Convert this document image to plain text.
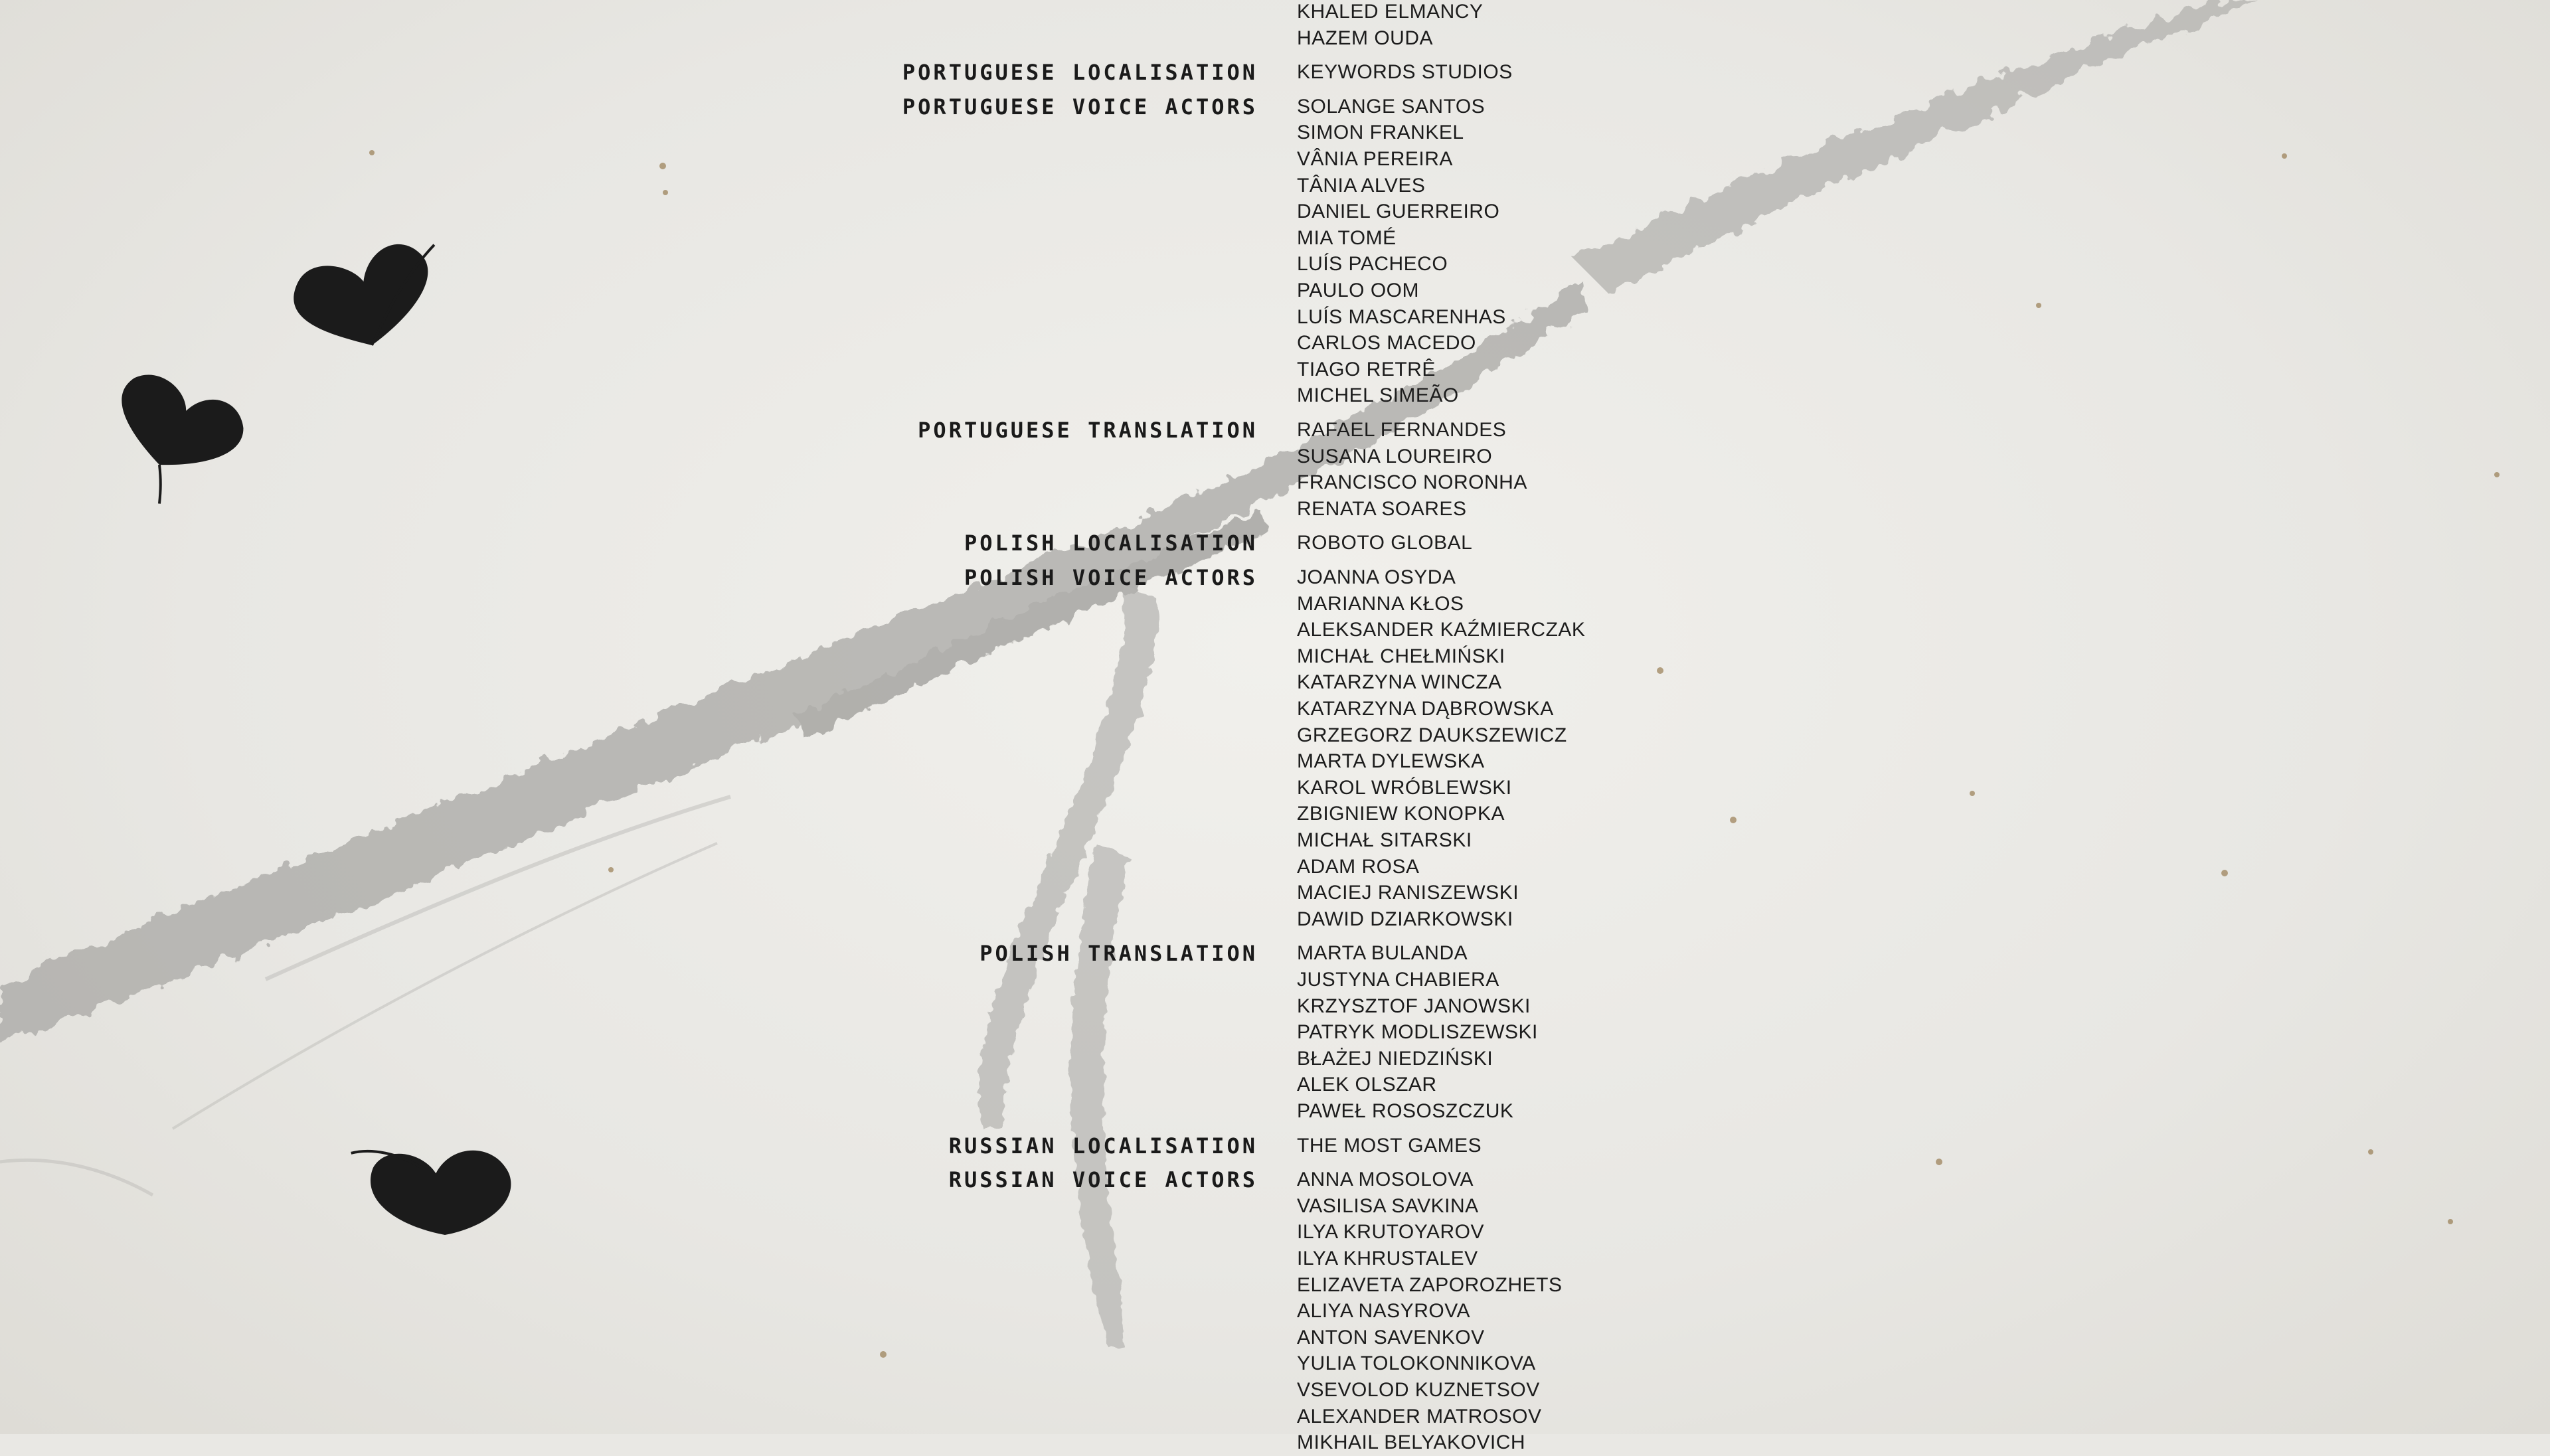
KHALED ELMANCY
HAZEM OUDA
PORTUGUESE LOCALISATION KEYWORDS STUDIOS
PORTUGUESE VOICE ACTORS SOLANGE SANTOS
SIMON FRANKEL
VÂNIA PEREIRA
TÂNIA ALVES
DANIEL GUERREIRO
MIA TOMÉ
LUÍS PACHECO
PAULO OOM
LUÍS MASCARENHAS
CARLOS MACEDO
TIAGO RETRÊ
MICHEL SIMEÃO
PORTUGUESE TRANSLATION RAFAEL FERNANDES
SUSANA LOUREIRO
FRANCISCO NORONHA
RENATA SOARES
POLISH LOCALISATION ROBOTO GLOBAL
POLISH VOICE ACTORS JOANNA OSYDA
MARIANNA KŁOS
ALEKSANDER KAŹMIERCZAK
MICHAŁ CHEŁMIŃSKI
KATARZYNA WINCZA
KATARZYNA DĄBROWSKA
GRZEGORZ DAUKSZEWICZ
MARTA DYLEWSKA
KAROL WRÓBLEWSKI
ZBIGNIEW KONOPKA
MICHAŁ SITARSKI
ADAM ROSA
MACIEJ RANISZEWSKI
DAWID DZIARKOWSKI
POLISH TRANSLATION MARTA BULANDA
JUSTYNA CHABIERA
KRZYSZTOF JANOWSKI
PATRYK MODLISZEWSKI
BŁAŻEJ NIEDZIŃSKI
ALEK OLSZAR
PAWEŁ ROSOSZCZUK
RUSSIAN LOCALISATION THE MOST GAMES
RUSSIAN VOICE ACTORS ANNA MOSOLOVA
VASILISA SAVKINA
ILYA KRUTOYAROV
ILYA KHRUSTALEV
ELIZAVETA ZAPOROZHETS
ALIYA NASYROVA
ANTON SAVENKOV
YULIA TOLOKONNIKOVA
VSEVOLOD KUZNETSOV
ALEXANDER MATROSOV
MIKHAIL BELYAKOVICH
